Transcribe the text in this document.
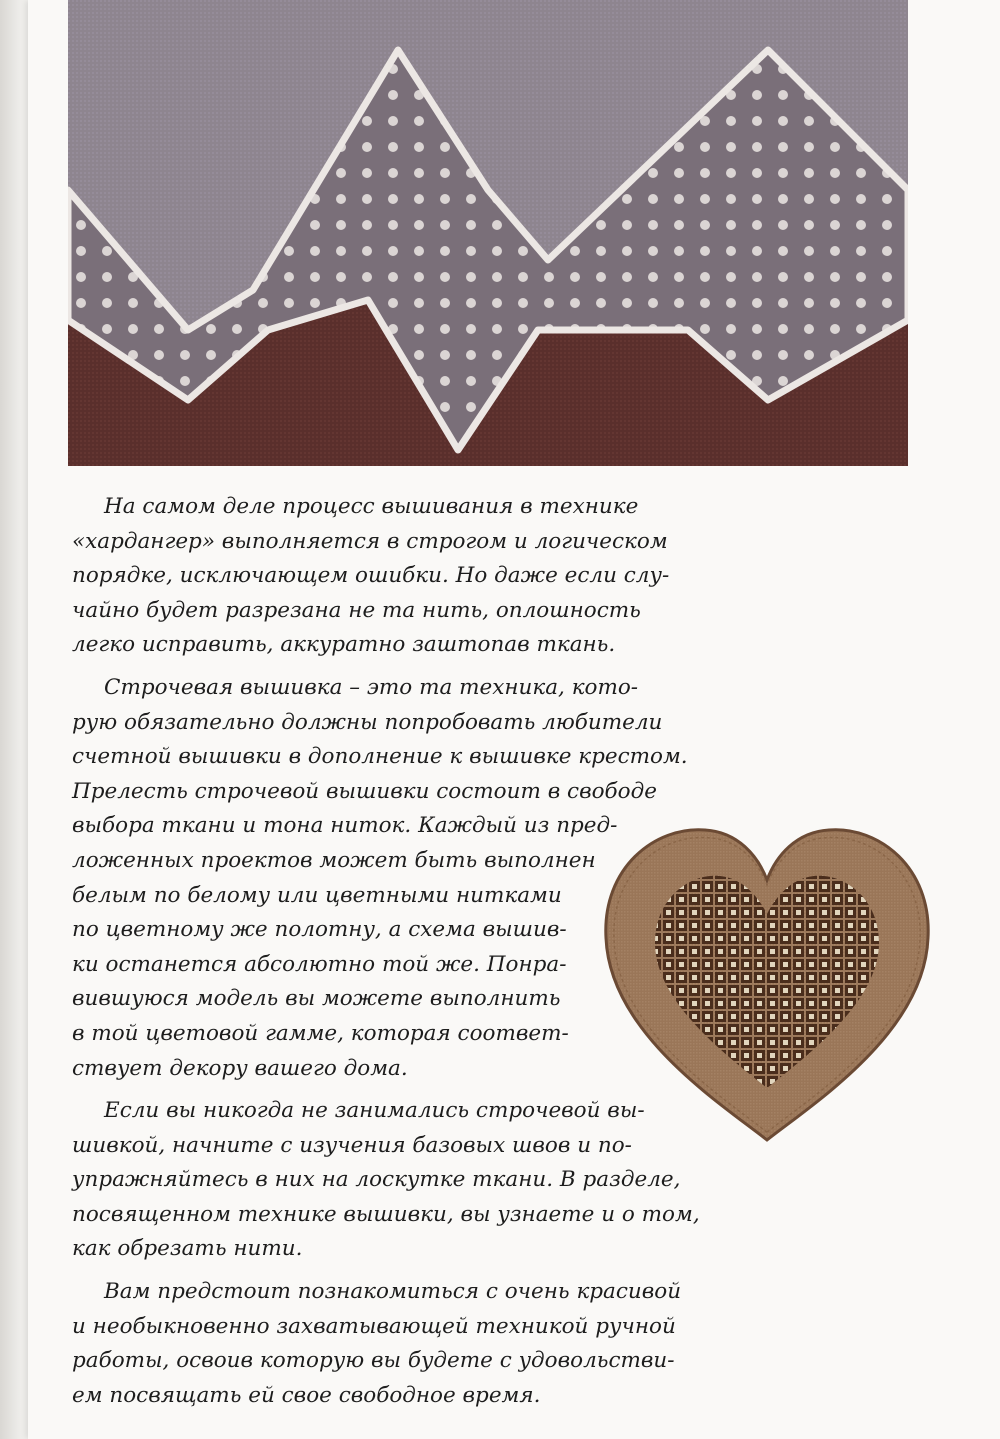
На самом деле процесс вышивания в технике
«хардангер» выполняется в строгом и логическом
порядке, исключающем ошибки. Но даже если слу-
чайно будет разрезана не та нить, оплошность
легко исправить, аккуратно заштопав ткань.
Строчевая вышивка – это та техника, кото-
рую обязательно должны попробовать любители
счетной вышивки в дополнение к вышивке крестом.
Прелесть строчевой вышивки состоит в свободе
выбора ткани и тона ниток. Каждый из пред-
ложенных проектов может быть выполнен
белым по белому или цветными нитками
по цветному же полотну, а схема вышив-
ки останется абсолютно той же. Понра-
вившуюся модель вы можете выполнить
в той цветовой гамме, которая соответ-
ствует декору вашего дома.
Если вы никогда не занимались строчевой вы-
шивкой, начните с изучения базовых швов и по-
упражняйтесь в них на лоскутке ткани. В разделе,
посвященном технике вышивки, вы узнаете и о том,
как обрезать нити.
Вам предстоит познакомиться с очень красивой
и необыкновенно захватывающей техникой ручной
работы, освоив которую вы будете с удовольстви-
ем посвящать ей свое свободное время.
